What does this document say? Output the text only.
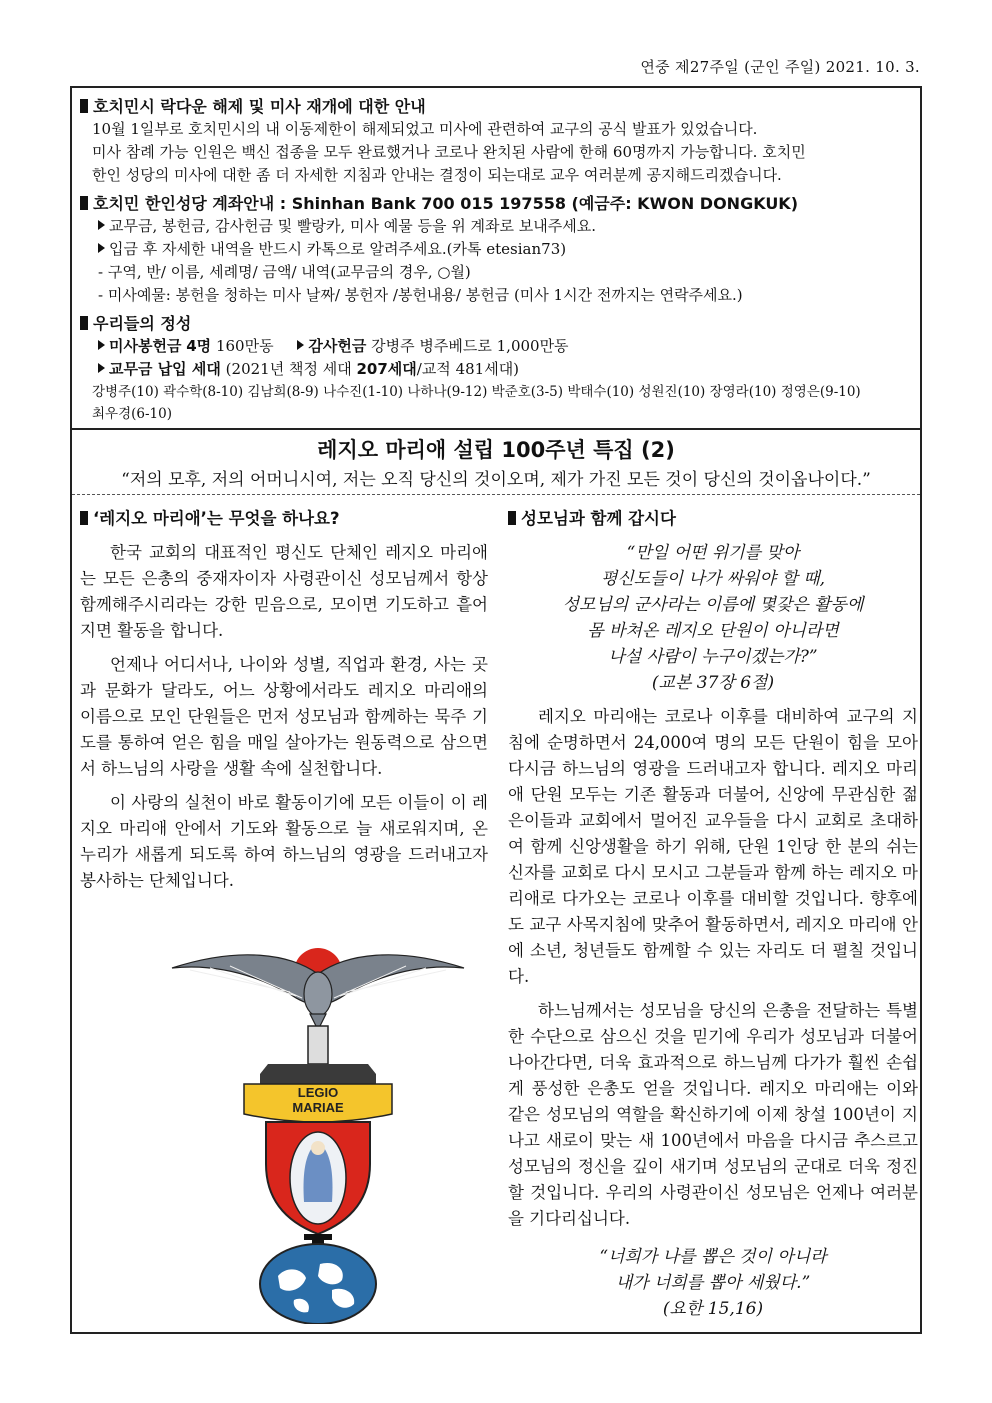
연중 제27주일 (군인 주일) 2021. 10. 3.

호치민시 락다운 해제 및 미사 재개에 대한 안내

10월 1일부로 호치민시의 내 이동제한이 해제되었고 미사에 관련하여 교구의 공식 발표가 있었습니다.

미사 참례 가능 인원은 백신 접종을 모두 완료했거나 코로나 완치된 사람에 한해 60명까지 가능합니다. 호치민

한인 성당의 미사에 대한 좀 더 자세한 지침과 안내는 결정이 되는대로 교우 여러분께 공지해드리겠습니다.

호치민 한인성당 계좌안내 : Shinhan Bank 700 015 197558 (예금주: KWON DONGKUK)

교무금, 봉헌금, 감사헌금 및 빨랑카, 미사 예물 등을 위 계좌로 보내주세요.

입금 후 자세한 내역을 반드시 카톡으로 알려주세요.(카톡 etesian73)

- 구역, 반/ 이름, 세례명/ 금액/ 내역(교무금의 경우, ○월)

- 미사예물: 봉헌을 청하는 미사 날짜/ 봉헌자 /봉헌내용/ 봉헌금 (미사 1시간 전까지는 연락주세요.)

우리들의 정성

미사봉헌금 4명 160만동 감사헌금 강병주 병주베드로 1,000만동

교무금 납입 세대 (2021년 책정 세대 207세대/교적 481세대)

강병주(10) 곽수학(8-10) 김남희(8-9) 나수진(1-10) 나하나(9-12) 박준호(3-5) 박태수(10) 성원진(10) 장영라(10) 정영은(9-10)

최우경(6-10)

레지오 마리애 설립 100주년 특집 (2)

“저의 모후, 저의 어머니시여, 저는 오직 당신의 것이오며, 제가 가진 모든 것이 당신의 것이옵나이다.”

‘레지오 마리애’는 무엇을 하나요?

한국 교회의 대표적인 평신도 단체인 레지오 마리애는 모든 은총의 중재자이자 사령관이신 성모님께서 항상 함께해주시리라는 강한 믿음으로, 모이면 기도하고 흩어지면 활동을 합니다.

언제나 어디서나, 나이와 성별, 직업과 환경, 사는 곳과 문화가 달라도, 어느 상황에서라도 레지오 마리애의 이름으로 모인 단원들은 먼저 성모님과 함께하는 묵주 기도를 통하여 얻은 힘을 매일 살아가는 원동력으로 삼으면서 하느님의 사랑을 생활 속에 실천합니다.

이 사랑의 실천이 바로 활동이기에 모든 이들이 이 레지오 마리애 안에서 기도와 활동으로 늘 새로워지며, 온 누리가 새롭게 되도록 하여 하느님의 영광을 드러내고자 봉사하는 단체입니다.

성모님과 함께 갑시다

“만일 어떤 위기를 맞아

평신도들이 나가 싸워야 할 때,

성모님의 군사라는 이름에 몇갗은 활동에

몸 바쳐온 레지오 단원이 아니라면

나설 사람이 누구이겠는가?”

(교본 37장 6절)

레지오 마리애는 코로나 이후를 대비하여 교구의 지침에 순명하면서 24,000여 명의 모든 단원이 힘을 모아 다시금 하느님의 영광을 드러내고자 합니다. 레지오 마리애 단원 모두는 기존 활동과 더불어, 신앙에 무관심한 젊은이들과 교회에서 멀어진 교우들을 다시 교회로 초대하여 함께 신앙생활을 하기 위해, 단원 1인당 한 분의 쉬는 신자를 교회로 다시 모시고 그분들과 함께 하는 레지오 마리애로 다가오는 코로나 이후를 대비할 것입니다. 향후에도 교구 사목지침에 맞추어 활동하면서, 레지오 마리애 안에 소년, 청년들도 함께할 수 있는 자리도 더 펼칠 것입니다.

하느님께서는 성모님을 당신의 은총을 전달하는 특별한 수단으로 삼으신 것을 믿기에 우리가 성모님과 더불어 나아간다면, 더욱 효과적으로 하느님께 다가가 훨씬 손쉽게 풍성한 은총도 얻을 것입니다. 레지오 마리애는 이와 같은 성모님의 역할을 확신하기에 이제 창설 100년이 지나고 새로이 맞는 새 100년에서 마음을 다시금 추스르고 성모님의 정신을 깊이 새기며 성모님의 군대로 더욱 정진할 것입니다. 우리의 사령관이신 성모님은 언제나 여러분을 기다리십니다.

“너희가 나를 뽑은 것이 아니라

내가 너희를 뽑아 세웠다.”

(요한 15,16)

LEGIO
MARIAE
